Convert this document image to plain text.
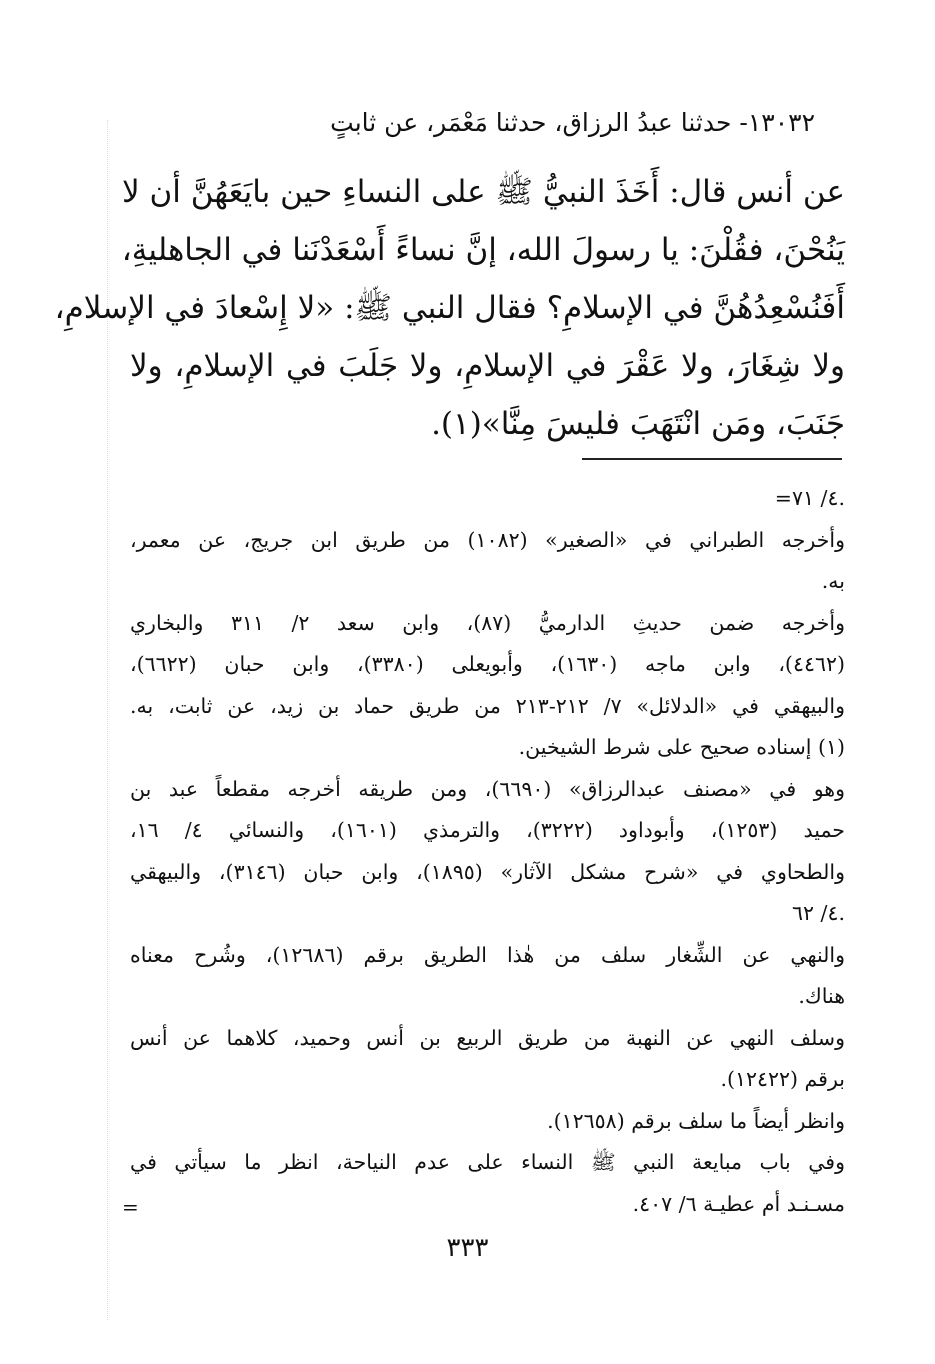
١٣٠٣٢- حدثنا عبدُ الرزاق، حدثنا مَعْمَر، عن ثابتٍ
عن أنس قال: أَخَذَ النبيُّ ﷺ على النساءِ حين بايَعَهُنَّ أن لا
يَنُحْنَ، فقُلْنَ: يا رسولَ الله، إنَّ نساءً أَسْعَدْنَنا في الجاهليةِ،
أَفَنُسْعِدُهُنَّ في الإسلامِ؟ فقال النبي ﷺ: «لا إِسْعادَ في الإسلامِ،
ولا شِغَارَ، ولا عَقْرَ في الإسلامِ، ولا جَلَبَ في الإسلامِ، ولا
جَنَبَ، ومَن انْتَهَبَ فليسَ مِنَّا»(١).
=٤/ ٧١.
وأخرجه الطبراني في «الصغير» (١٠٨٢) من طريق ابن جريج، عن معمر،
به.
وأخرجه ضمن حديثِ الدارميُّ (٨٧)، وابن سعد ٢/ ٣١١ والبخاري
(٤٤٦٢)، وابن ماجه (١٦٣٠)، وأبويعلى (٣٣٨٠)، وابن حبان (٦٦٢٢)،
والبيهقي في «الدلائل» ٧/ ٢١٢-٢١٣ من طريق حماد بن زيد، عن ثابت، به.
(١) إسناده صحيح على شرط الشيخين.
وهو في «مصنف عبدالرزاق» (٦٦٩٠)، ومن طريقه أخرجه مقطعاً عبد بن
حميد (١٢٥٣)، وأبوداود (٣٢٢٢)، والترمذي (١٦٠١)، والنسائي ٤/ ١٦،
والطحاوي في «شرح مشكل الآثار» (١٨٩٥)، وابن حبان (٣١٤٦)، والبيهقي
٤/ ٦٢.
والنهي عن الشِّغار سلف من هٰذا الطريق برقم (١٢٦٨٦)، وشُرح معناه
هناك.
وسلف النهي عن النهبة من طريق الربيع بن أنس وحميد، كلاهما عن أنس
برقم (١٢٤٢٢).
وانظر أيضاً ما سلف برقم (١٢٦٥٨).
وفي باب مبايعة النبي ﷺ النساء على عدم النياحة، انظر ما سيأتي في
مسـنـد أم عطيـة ٦/ ٤٠٧.
=
٣٣٣
